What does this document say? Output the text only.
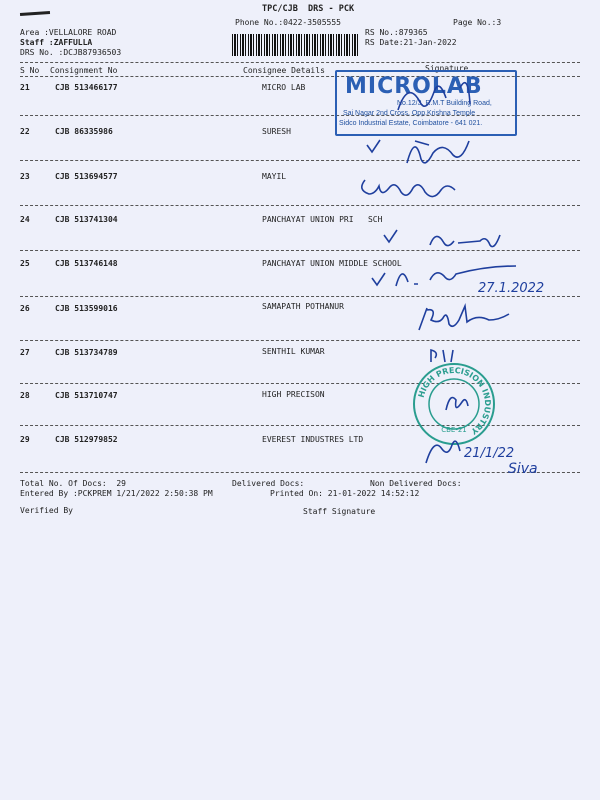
TPC/CJB  DRS - PCK
Phone No.:0422-3505555	Page No.:3
Area :VELLALORE ROAD
Staff :ZAFFULLA
DRS No. :DCJB87936503
RS No.:879365
RS Date:21-Jan-2022
S No Consignment No	Consignee Details	Signature
21	CJB 513466177	MICRO LAB
22	CJB 86335986	SURESH
23	CJB 513694577	MAYIL
24	CJB 513741304	PANCHAYAT UNION PRI   SCH
25	CJB 513746148	PANCHAYAT UNION MIDDLE SCHOOL
26	CJB 513599016	SAMAPATH POTHANUR
27	CJB 513734789	SENTHIL KUMAR
28	CJB 513710747	HIGH PRECISON
29	CJB 512979852	EVEREST INDUSTRES LTD
Total No. Of Docs:  29	Delivered Docs:	Non Delivered Docs:
Entered By :PCKPREM 1/21/2022 2:50:38 PM	Printed On: 21-01-2022 14:52:12
Verified By	Staff Signature
MICROLAB
No.12/3, R.M.T Building Road,
Sai Nagar 2nd Cross, Opp.Krishna Temple
Sidco Industrial Estate, Coimbatore - 641 021.
HIGH PRECISION INDUSTRY
CBE-21
27.1.2022
21/1/22
Siva
